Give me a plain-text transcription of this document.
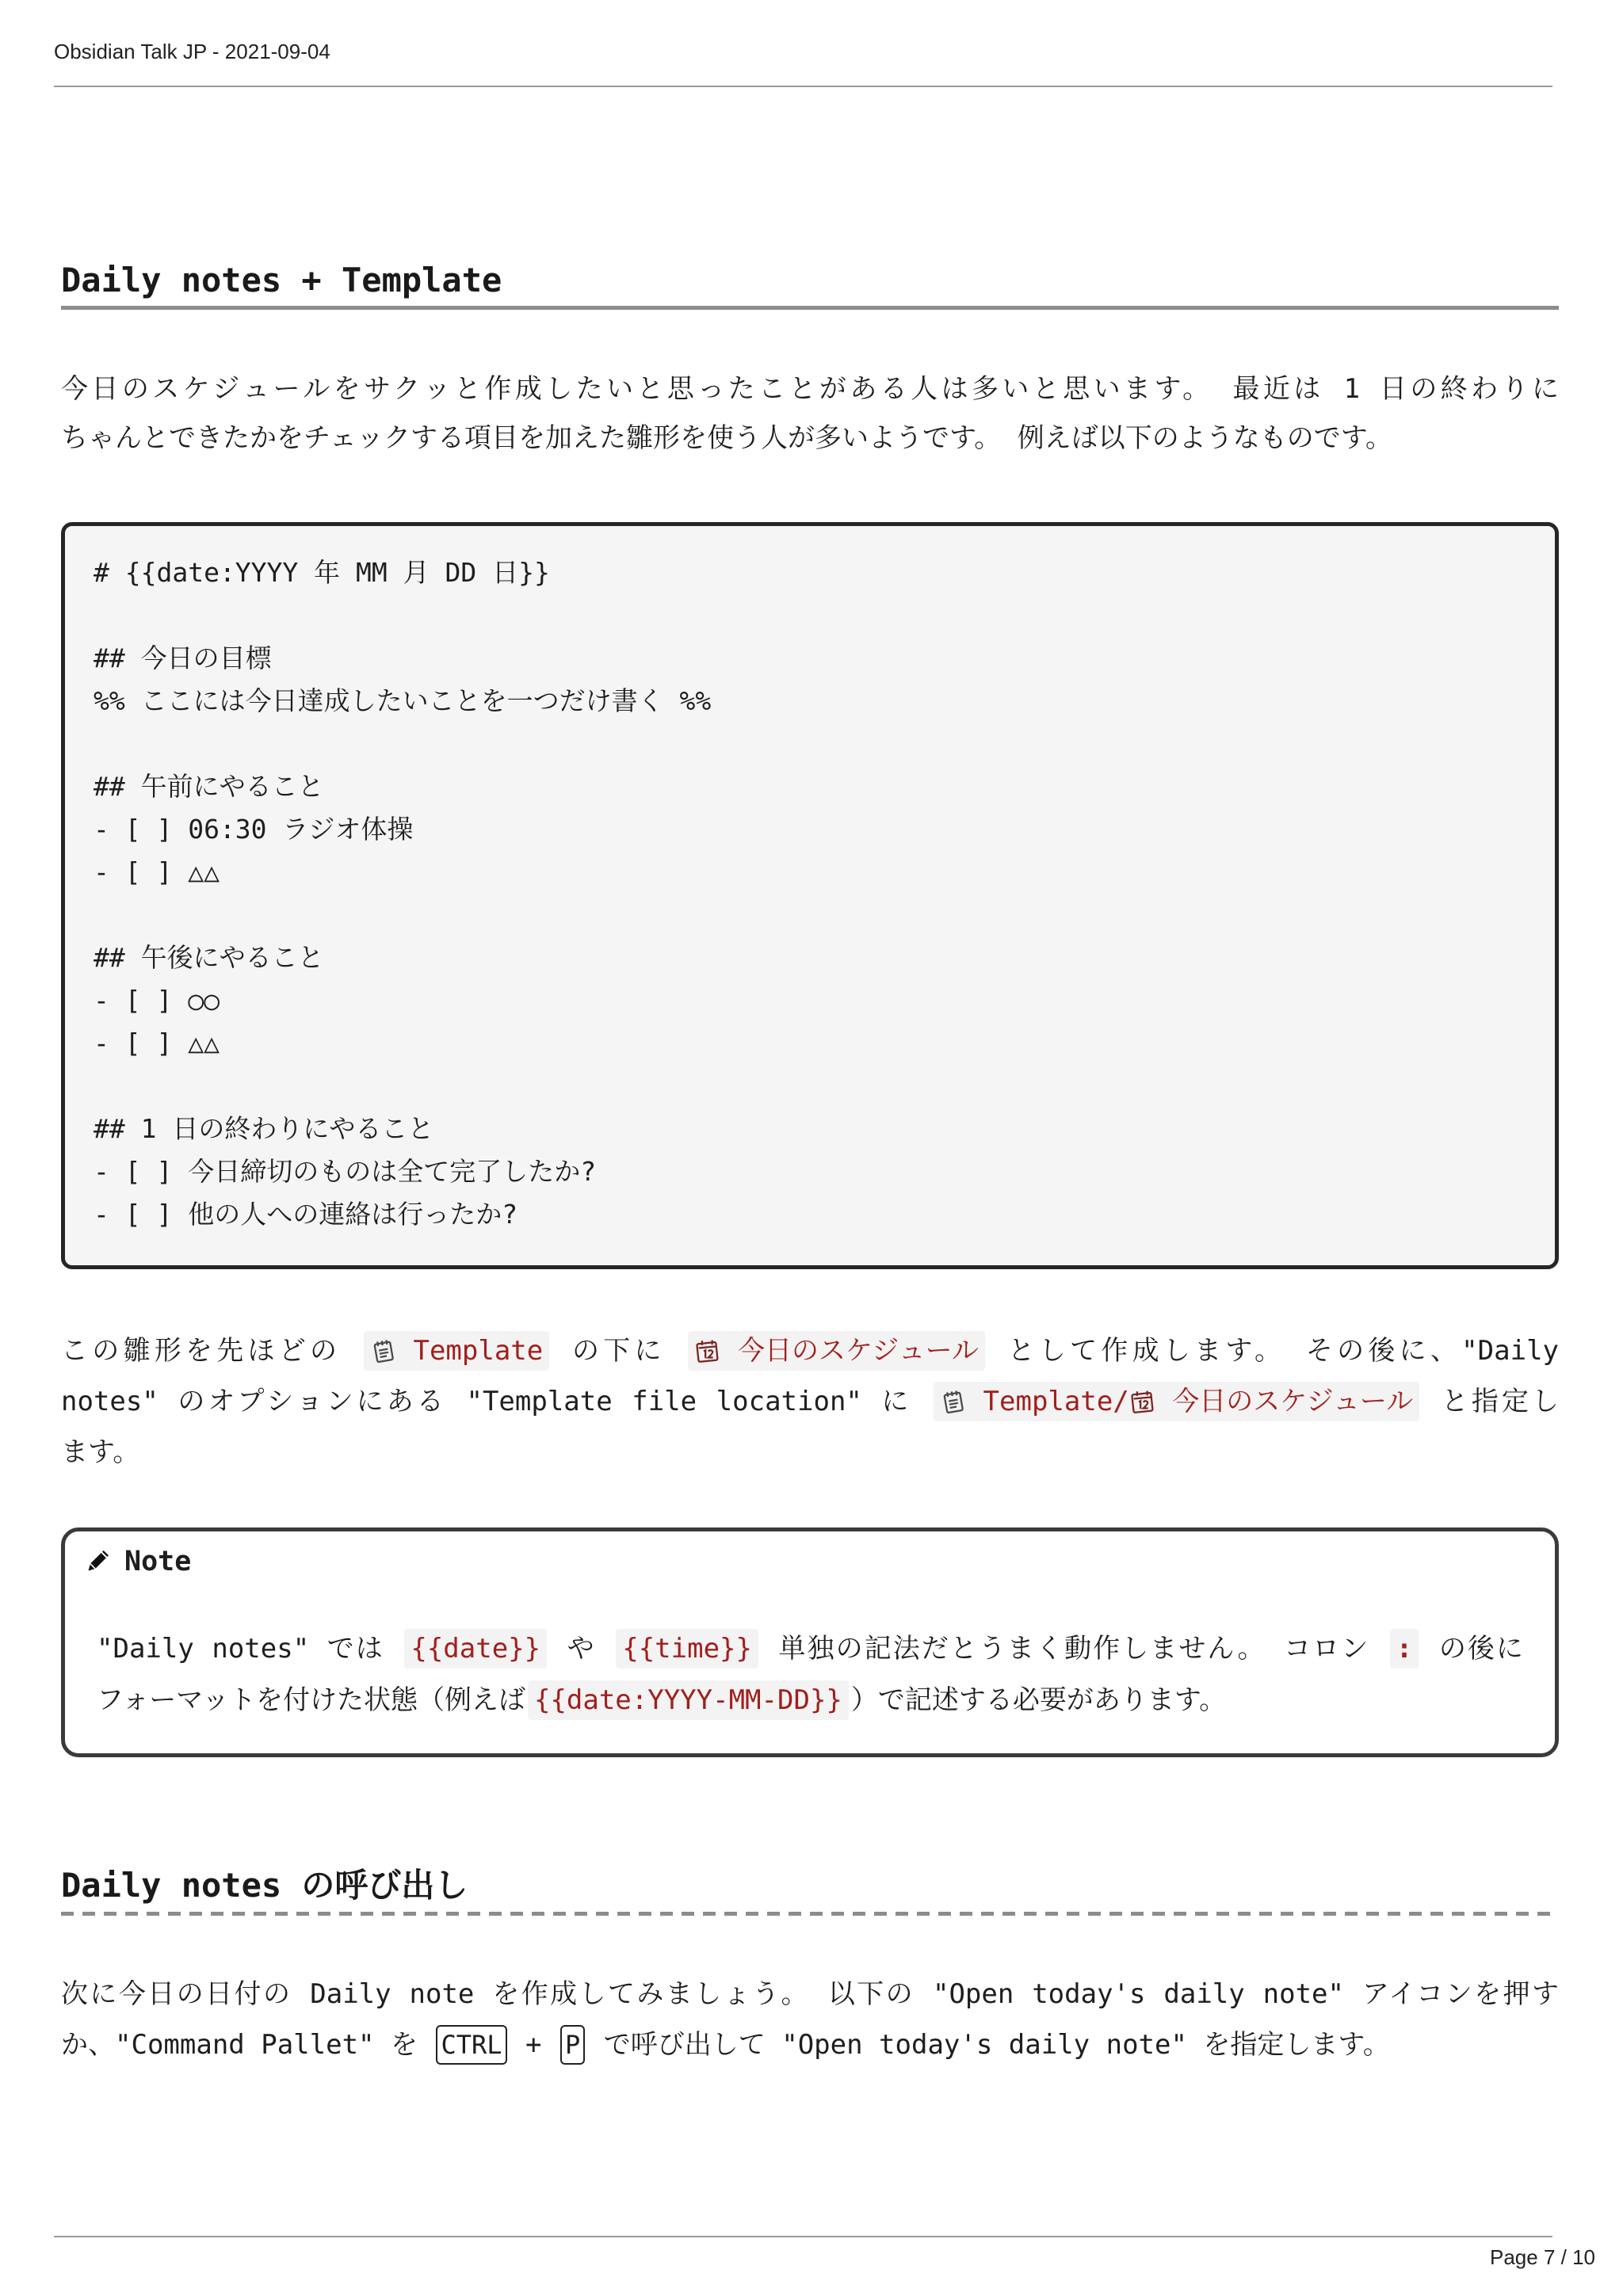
Obsidian Talk JP - 2021-09-04
Daily notes + Template
今日のスケジュールをサクッと作成したいと思ったことがある人は多いと思います。 最近は 1 日の終わりに
ちゃんとできたかをチェックする項目を加えた雛形を使う人が多いようです。 例えば以下のようなものです。
# {{date:YYYY 年 MM 月 DD 日}}

## 今日の目標
%% ここには今日達成したいことを一つだけ書く %%

## 午前にやること
- [ ] 06:30 ラジオ体操
- [ ] △△

## 午後にやること
- [ ] ○○
- [ ] △△

## 1 日の終わりにやること
- [ ] 今日締切のものは全て完了したか?
- [ ] 他の人への連絡は行ったか?
この雛形を先ほどの	Template の下に	今日のスケジュール として作成します。 その後に、"Daily
notes" のオプションにある "Template file location" に	Template/ 今日のスケジュール と指定し
ます。
Note
"Daily notes" では {{date}} や {{time}} 単独の記法だとうまく動作しません。 コロン : の後に
フォーマットを付けた状態（例えば {{date:YYYY-MM-DD}} ）で記述する必要があります。
Daily notes の呼び出し
次に今日の日付の Daily note を作成してみましょう。 以下の "Open today's daily note" アイコンを押す
か、"Command Pallet" を CTRL + P で呼び出して "Open today's daily note" を指定します。
Page 7 / 10
